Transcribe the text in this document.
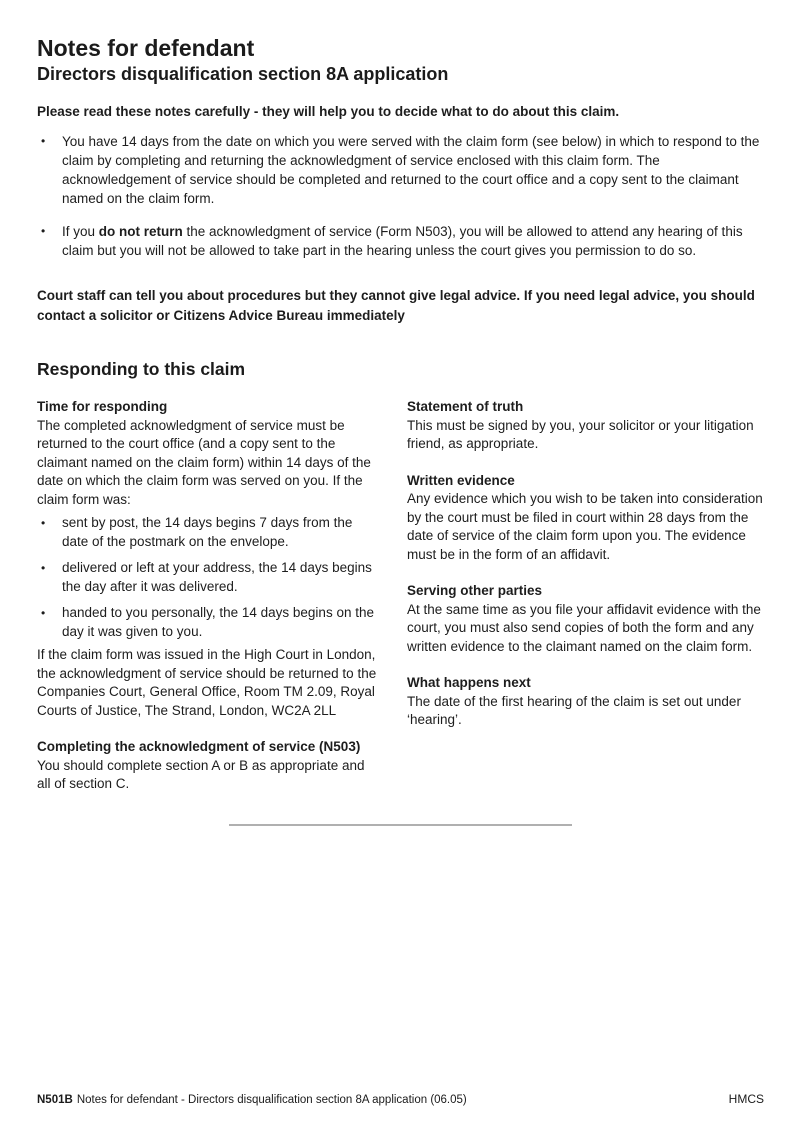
Notes for defendant
Directors disqualification section 8A application

Please read these notes carefully - they will help you to decide what to do about this claim.

•	You have 14 days from the date on which you were served with the claim form (see below) in which to respond to the claim by completing and returning the acknowledgment of service enclosed with this claim form. The acknowledgement of service should be completed and returned to the court office and a copy sent to the claimant named on the claim form.
•	If you do not return the acknowledgment of service (Form N503), you will be allowed to attend any hearing of this claim but you will not be allowed to take part in the hearing unless the court gives you permission to do so.

Court staff can tell you about procedures but they cannot give legal advice. If you need legal advice, you should contact a solicitor or Citizens Advice Bureau immediately

Responding to this claim
Time for responding

The completed acknowledgment of service must be returned to the court office (and a copy sent to the claimant named on the claim form) within 14 days of the date on which the claim form was served on you. If the claim form was:

•	sent by post, the 14 days begins 7 days from the date of the postmark on the envelope.
•	delivered or left at your address, the 14 days begins the day after it was delivered.
•	handed to you personally, the 14 days begins on the day it was given to you.

If the claim form was issued in the High Court in London, the acknowledgment of service should be returned to the Companies Court, General Office, Room TM 2.09, Royal Courts of Justice, The Strand, London, WC2A 2LL

Completing the acknowledgment of service (N503)

You should complete section A or B as appropriate and all of section C.

Statement of truth

This must be signed by you, your solicitor or your litigation friend, as appropriate.

Written evidence

Any evidence which you wish to be taken into consideration by the court must be filed in court within 28 days from the date of service of the claim form upon you. The evidence must be in the form of an affidavit.

Serving other parties

At the same time as you file your affidavit evidence with the court, you must also send copies of both the form and any written evidence to the claimant named on the claim form.

What happens next

The date of the first hearing of the claim is set out under ‘hearing’.

N501B Notes for defendant - Directors disqualification section 8A application (06.05)	HMCS
